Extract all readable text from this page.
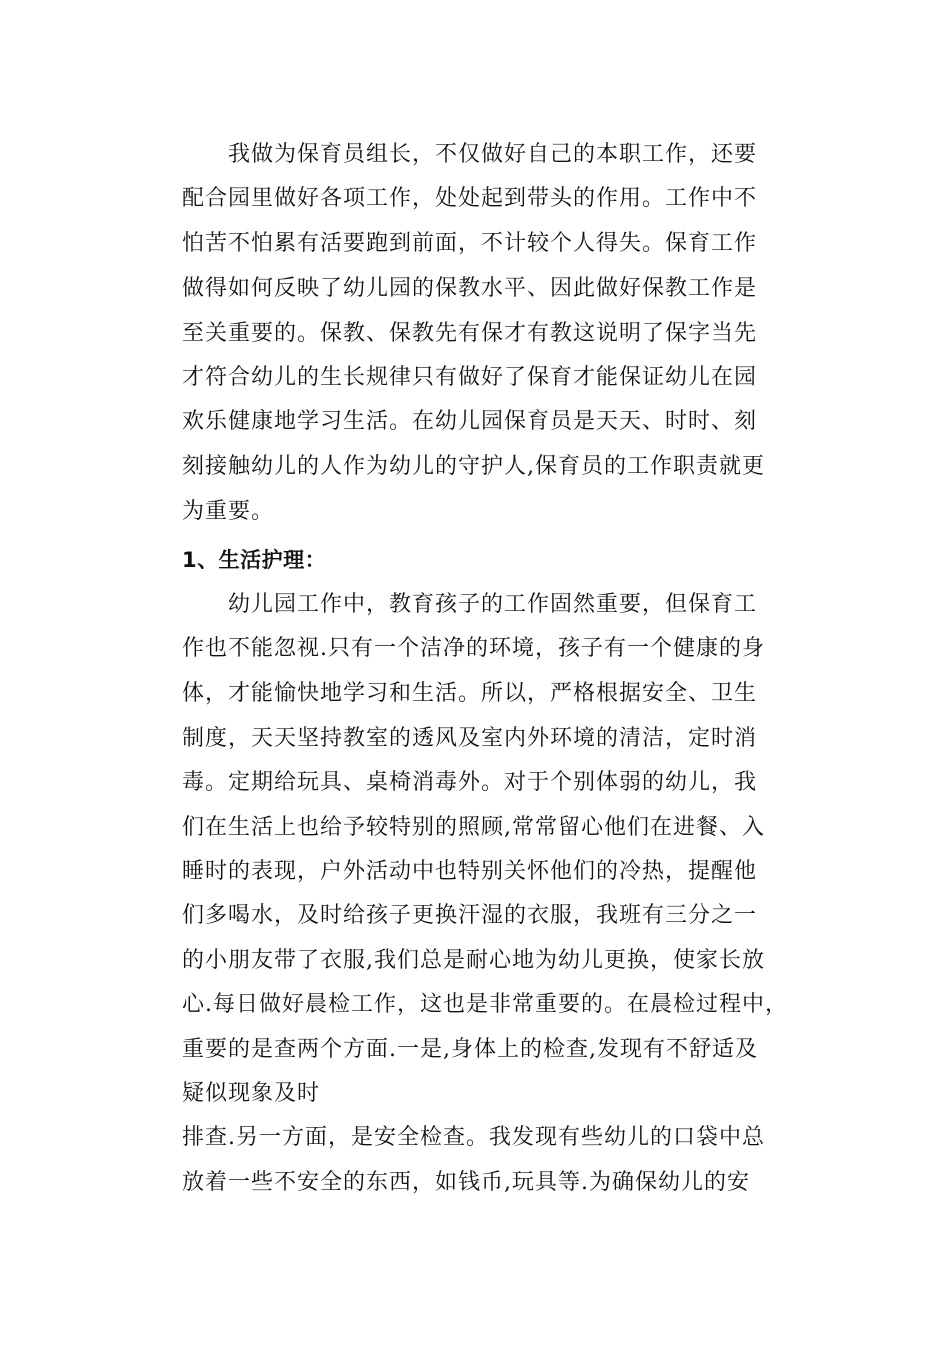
我做为保育员组长，不仅做好自己的本职工作，还要
配合园里做好各项工作，处处起到带头的作用。工作中不
怕苦不怕累有活要跑到前面，不计较个人得失。保育工作
做得如何反映了幼儿园的保教水平、因此做好保教工作是
至关重要的。保教、保教先有保才有教这说明了保字当先
才符合幼儿的生长规律只有做好了保育才能保证幼儿在园
欢乐健康地学习生活。在幼儿园保育员是天天、时时、刻
刻接触幼儿的人作为幼儿的守护人,保育员的工作职责就更
为重要。
1、生活护理：
幼儿园工作中，教育孩子的工作固然重要，但保育工
作也不能忽视.只有一个洁净的环境，孩子有一个健康的身
体，才能愉快地学习和生活。所以，严格根据安全、卫生
制度，天天坚持教室的透风及室内外环境的清洁，定时消
毒。定期给玩具、桌椅消毒外。对于个别体弱的幼儿，我
们在生活上也给予较特别的照顾,常常留心他们在进餐、入
睡时的表现，户外活动中也特别关怀他们的冷热，提醒他
们多喝水，及时给孩子更换汗湿的衣服，我班有三分之一
的小朋友带了衣服,我们总是耐心地为幼儿更换，使家长放
心.每日做好晨检工作，这也是非常重要的。在晨检过程中，
重要的是查两个方面.一是,身体上的检查,发现有不舒适及
疑似现象及时
排查.另一方面，是安全检查。我发现有些幼儿的口袋中总
放着一些不安全的东西，如钱币,玩具等.为确保幼儿的安
